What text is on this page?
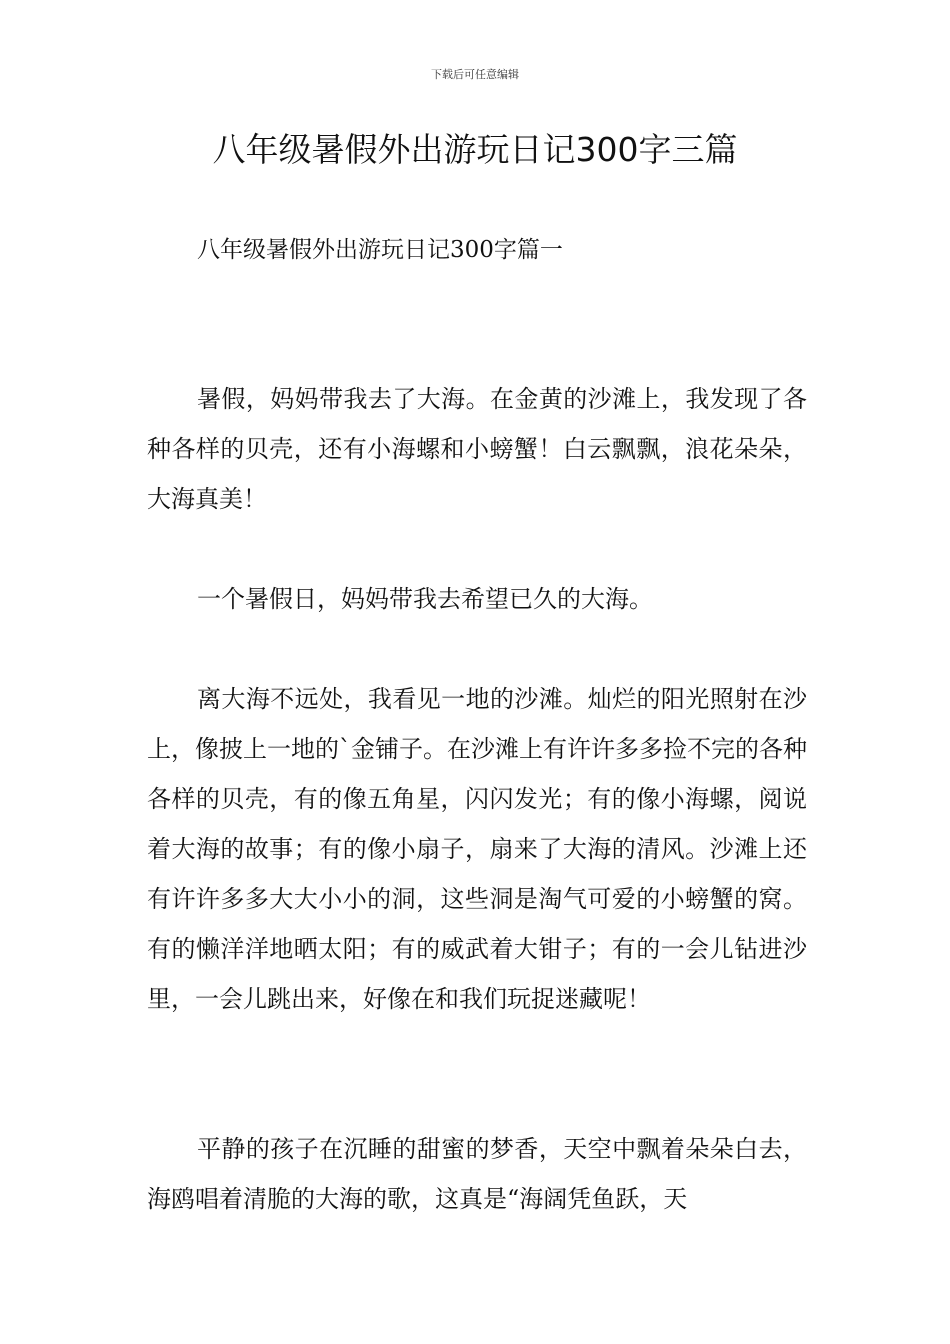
下载后可任意编辑
八年级暑假外出游玩日记300字三篇
八年级暑假外出游玩日记300字篇一

暑假，妈妈带我去了大海。在金黄的沙滩上，我发现了各种各样的贝壳，还有小海螺和小螃蟹！白云飘飘，浪花朵朵，大海真美！

一个暑假日，妈妈带我去希望已久的大海。

离大海不远处，我看见一地的沙滩。灿烂的阳光照射在沙上，像披上一地的`金铺子。在沙滩上有许许多多捡不完的各种各样的贝壳，有的像五角星，闪闪发光；有的像小海螺，阅说着大海的故事；有的像小扇子，扇来了大海的清风。沙滩上还有许许多多大大小小的洞，这些洞是淘气可爱的小螃蟹的窝。有的懒洋洋地晒太阳；有的威武着大钳子；有的一会儿钻进沙里，一会儿跳出来，好像在和我们玩捉迷藏呢！

平静的孩子在沉睡的甜蜜的梦香，天空中飘着朵朵白去，海鸥唱着清脆的大海的歌，这真是“海阔凭鱼跃，天
